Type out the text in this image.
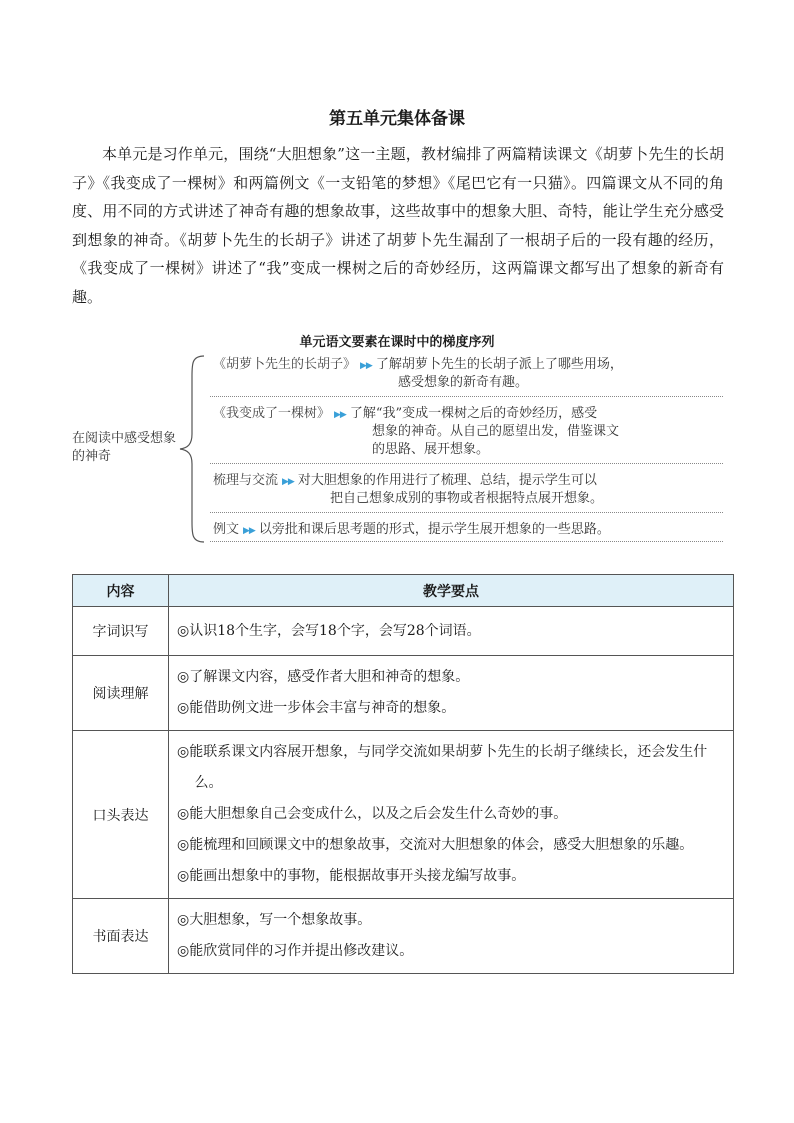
第五单元集体备课
本单元是习作单元，围绕“大胆想象”这一主题，教材编排了两篇精读课文《胡萝卜先生的长胡子》《我变成了一棵树》和两篇例文《一支铅笔的梦想》《尾巴它有一只猫》。四篇课文从不同的角度、用不同的方式讲述了神奇有趣的想象故事，这些故事中的想象大胆、奇特，能让学生充分感受到想象的神奇。《胡萝卜先生的长胡子》讲述了胡萝卜先生漏刮了一根胡子后的一段有趣的经历，《我变成了一棵树》讲述了“我”变成一棵树之后的奇妙经历，这两篇课文都写出了想象的新奇有趣。
单元语文要素在课时中的梯度序列
在阅读中感受想象的神奇
《胡萝卜先生的长胡子》 ▶▶ 了解胡萝卜先生的长胡子派上了哪些用场，
感受想象的新奇有趣。
《我变成了一棵树》 ▶▶ 了解“我”变成一棵树之后的奇妙经历，感受
想象的神奇。从自己的愿望出发，借鉴课文
的思路、展开想象。
梳理与交流 ▶▶ 对大胆想象的作用进行了梳理、总结，提示学生可以
把自己想象成别的事物或者根据特点展开想象。
例文 ▶▶ 以旁批和课后思考题的形式，提示学生展开想象的一些思路。
内容	教学要点
字词识写	◎认识18个生字，会写18个字，会写28个词语。

阅读理解	◎了解课文内容，感受作者大胆和神奇的想象。
◎能借助例文进一步体会丰富与神奇的想象。

口头表达	◎能联系课文内容展开想象，与同学交流如果胡萝卜先生的长胡子继续长，还会发生什么。
◎能大胆想象自己会变成什么，以及之后会发生什么奇妙的事。
◎能梳理和回顾课文中的想象故事，交流对大胆想象的体会，感受大胆想象的乐趣。
◎能画出想象中的事物，能根据故事开头接龙编写故事。

书面表达	◎大胆想象，写一个想象故事。
◎能欣赏同伴的习作并提出修改建议。
